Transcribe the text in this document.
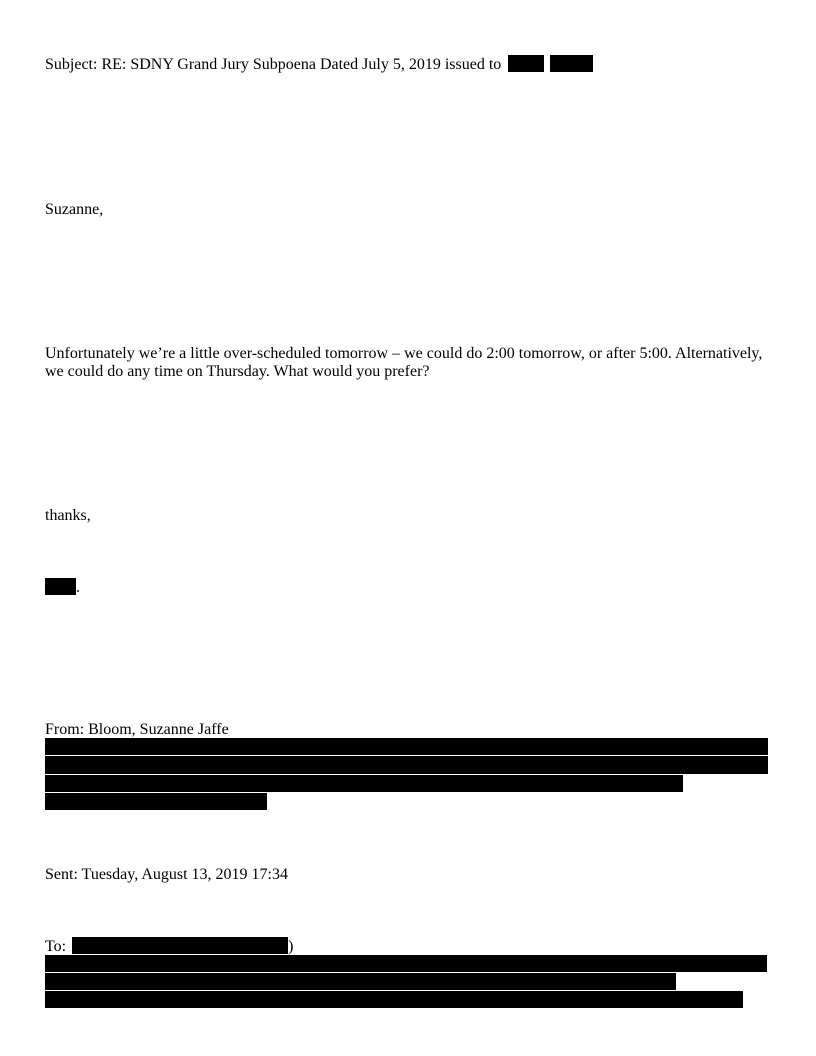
Subject: RE: SDNY Grand Jury Subpoena Dated July 5, 2019 issued to
Suzanne,
Unfortunately we’re a little over-scheduled tomorrow – we could do 2:00 tomorrow, or after 5:00. Alternatively, we could do any time on Thursday. What would you prefer?
thanks,
.
From: Bloom, Suzanne Jaffe
Sent: Tuesday, August 13, 2019 17:34
To:	)
